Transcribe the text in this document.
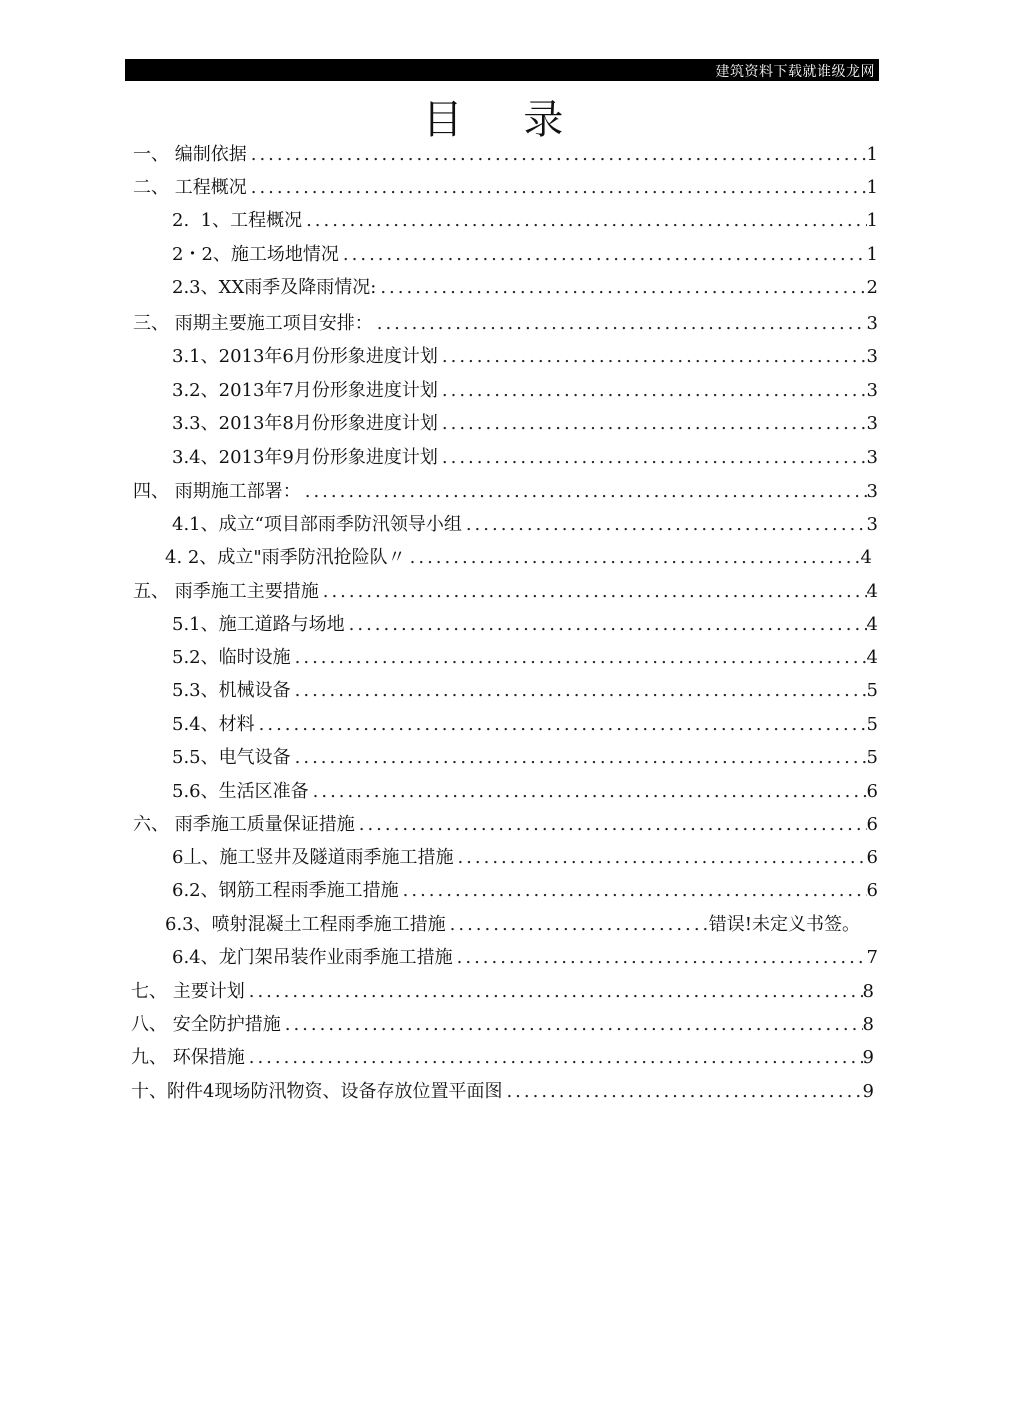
建筑资料下载就谁级龙网
目 录
一、 编制依据 .....	1
二、 工程概况 .....	1
2.  1、工程概况 .....	1
2・2、施工场地情况 .....	1
2.3、XX雨季及降雨情况: .....	2
三、 雨期主要施工项目安排： .....	3
3.1、2013年6月份形象进度计划 .....	3
3.2、2013年7月份形象进度计划 .....	3
3.3、2013年8月份形象进度计划 .....	3
3.4、2013年9月份形象进度计划 .....	3
四、 雨期施工部署： .....	3
4.1、成立“项目部雨季防汛领导小组 .....	3
4. 2、成立"雨季防汛抢险队〃 .....	4
五、 雨季施工主要措施 .....	4
5.1、施工道路与场地 .....	4
5.2、临时设施 .....	4
5.3、机械设备 .....	5
5.4、材料 .....	5
5.5、电气设备 .....	5
5.6、生活区准备 .....	6
六、 雨季施工质量保证措施 .....	6
6丄、施工竖井及隧道雨季施工措施 .....	6
6.2、钢筋工程雨季施工措施 .....	6
6.3、喷射混凝土工程雨季施工措施 .....	错误!未定义书签。
6.4、龙门架吊装作业雨季施工措施 .....	7
七、 主要计划 .....	8
八、 安全防护措施 .....	8
九、 环保措施 .....	9
十、附件4现场防汛物资、设备存放位置平面图 .....	9
